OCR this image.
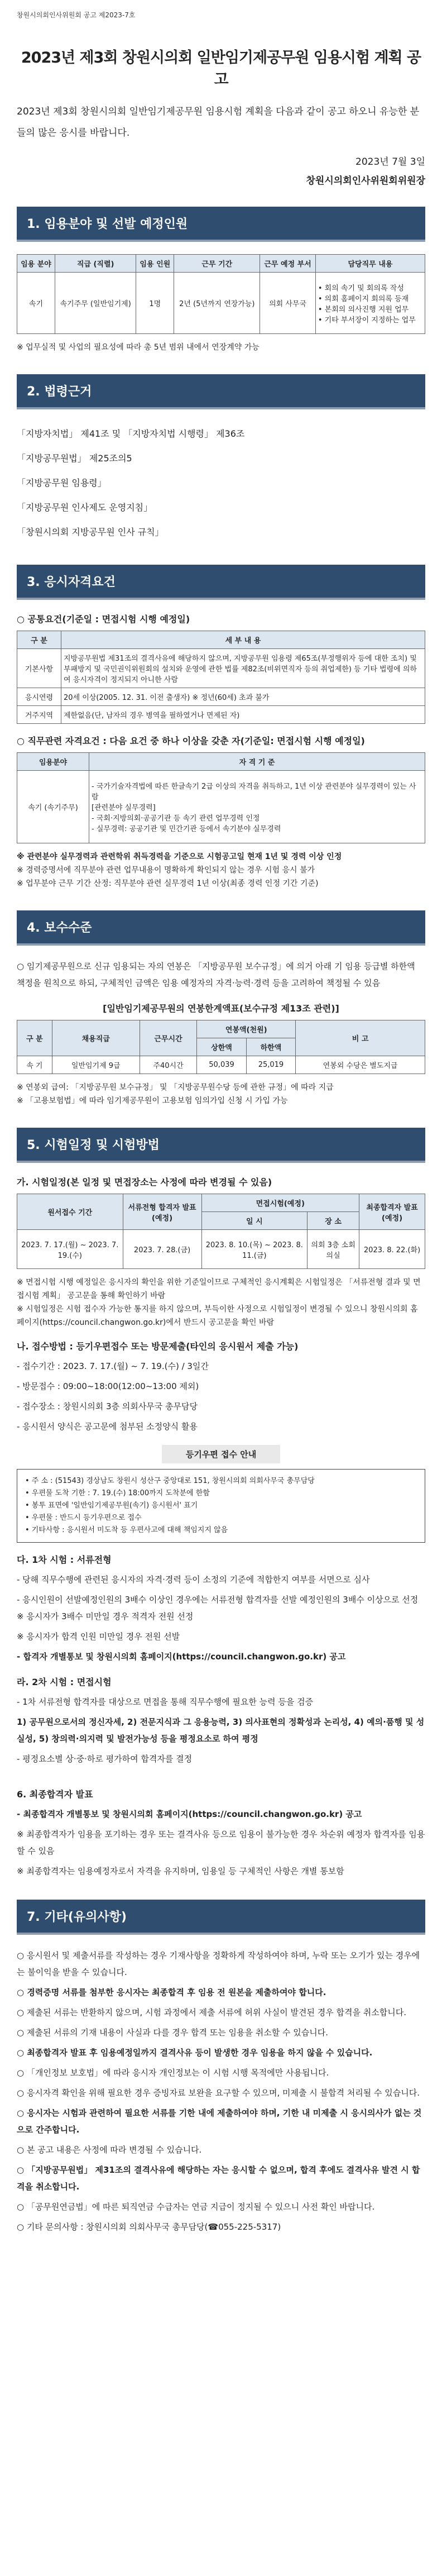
창원시의회인사위원회 공고 제2023-7호
2023년 제3회 창원시의회 일반임기제공무원 임용시험 계획 공고
2023년 제3회 창원시의회 일반임기제공무원 임용시험 계획을 다음과 같이 공고 하오니 유능한 분들의 많은 응시를 바랍니다.
2023년 7월 3일
창원시의회인사위원회위원장
1. 임용분야 및 선발 예정인원
임용 분야	직급 (직렬)	임용 인원	근무 기간	근무 예정 부서	담당직무 내용
속기	속기주무 (일반임기제)	1명	2년 (5년까지 연장가능)	의회 사무국	• 회의 속기 및 회의록 작성
• 의회 홈페이지 회의록 등재
• 본회의 의사진행 지원 업무
• 기타 부서장이 지정하는 업무
※ 업무실적 및 사업의 필요성에 따라 총 5년 범위 내에서 연장계약 가능
2. 법령근거

「지방자치법」 제41조 및 「지방자치법 시행령」 제36조

「지방공무원법」 제25조의5

「지방공무원 임용령」

「지방공무원 인사제도 운영지침」

「창원시의회 지방공무원 인사 규칙」

3. 응시자격요건
○ 공통요건(기준일 : 면접시험 시행 예정일)
구 분	세 부 내 용
기본사항	지방공무원법 제31조의 결격사유에 해당하지 않으며, 지방공무원 임용령 제65조(부정행위자 등에 대한 조치) 및 부패방지 및 국민권익위원회의 설치와 운영에 관한 법률 제82조(비위면직자 등의 취업제한) 등 기타 법령에 의하여 응시자격이 정지되지 아니한 사람
응시연령	20세 이상(2005. 12. 31. 이전 출생자) ※ 정년(60세) 초과 불가
거주지역	제한없음(단, 남자의 경우 병역을 필하였거나 면제된 자)
○ 직무관련 자격요건 : 다음 요건 중 하나 이상을 갖춘 자(기준일: 면접시험 시행 예정일)
임용분야	자 격 기 준
속기 (속기주무)	- 국가기술자격법에 따른 한글속기 2급 이상의 자격을 취득하고, 1년 이상 관련분야 실무경력이 있는 사람
[관련분야 실무경력]
- 국회·지방의회·공공기관 등 속기 관련 업무경력 인정
- 실무경력: 공공기관 및 민간기관 등에서 속기분야 실무경력
※ 관련분야 실무경력과 관련학위 취득경력을 기준으로 시험공고일 현재 1년 및 경력 이상 인정
※ 경력증명서에 직무분야 관련 업무내용이 명확하게 확인되지 않는 경우 시험 응시 불가
※ 업무분야 근무 기간 산정: 직무분야 관련 실무경력 1년 이상(최종 경력 인정 기간 기준)
4. 보수수준
○ 임기제공무원으로 신규 임용되는 자의 연봉은 「지방공무원 보수규정」에 의거 아래 기 임용 등급별 하한액 책정을 원칙으로 하되, 구체적인 금액은 임용 예정자의 자격·능력·경력 등을 고려하여 책정될 수 있음
[일반임기제공무원의 연봉한계액표(보수규정 제13조 관련)]
구 분	채용직급	근무시간	연봉액(천원)		비 고
			상한액	하한액	
속 기	일반임기제 9급	주40시간	50,039	25,019	연봉외 수당은 별도지급
※ 연봉외 급여: 「지방공무원 보수규정」 및 「지방공무원수당 등에 관한 규정」에 따라 지급
※ 「고용보험법」에 따라 임기제공무원이 고용보험 임의가입 신청 시 가입 가능
5. 시험일정 및 시험방법
가. 시험일정(본 일정 및 면접장소는 사정에 따라 변경될 수 있음)
원서접수 기간	서류전형 합격자 발표(예정)	면접시험(예정)		최종합격자 발표(예정)
		일 시	장 소	
2023. 7. 17.(월) ~ 2023. 7. 19.(수)	2023. 7. 28.(금)	2023. 8. 10.(목) ~ 2023. 8. 11.(금)	의회 3층 소회의실	2023. 8. 22.(화)
※ 면접시험 시행 예정일은 응시자의 확인을 위한 기준일이므로 구체적인 응시계획은 시험일정은 「서류전형 결과 및 면접시험 계획」 공고문을 통해 확인하기 바람
※ 시험일정은 시험 접수자 가능한 통지를 하지 않으며, 부득이한 사정으로 시험일정이 변경될 수 있으니 창원시의회 홈페이지(https://council.changwon.go.kr)에서 반드시 공고문을 확인 바람
나. 접수방법 : 등기우편접수 또는 방문제출(타인의 응시원서 제출 가능)
- 접수기간 : 2023. 7. 17.(월) ~ 7. 19.(수) / 3일간
- 방문접수 : 09:00~18:00(12:00~13:00 제외)
- 접수장소 : 창원시의회 3층 의회사무국 총무담당
- 응시원서 양식은 공고문에 첨부된 소정양식 활용
등기우편 접수 안내
• 주 소 : (51543) 경상남도 창원시 성산구 중앙대로 151, 창원시의회 의회사무국 총무담당
• 우편물 도착 기한 : 7. 19.(수) 18:00까지 도착분에 한함
• 봉투 표면에 '일반임기제공무원(속기) 응시원서' 표기
• 우편물 : 반드시 등기우편으로 접수
• 기타사항 : 응시원서 미도착 등 우편사고에 대해 책임지지 않음
다. 1차 시험 : 서류전형
- 당해 직무수행에 관련된 응시자의 자격·경력 등이 소정의 기준에 적합한지 여부를 서면으로 심사
- 응시인원이 선발예정인원의 3배수 이상인 경우에는 서류전형 합격자를 선발 예정인원의 3배수 이상으로 선정 ※ 응시자가 3배수 미만일 경우 적격자 전원 선정
※ 응시자가 합격 인원 미만일 경우 전원 선발
- 합격자 개별통보 및 창원시의회 홈페이지(https://council.changwon.go.kr) 공고
라. 2차 시험 : 면접시험
- 1차 서류전형 합격자를 대상으로 면접을 통해 직무수행에 필요한 능력 등을 검증
1) 공무원으로서의 정신자세, 2) 전문지식과 그 응용능력, 3) 의사표현의 정확성과 논리성, 4) 예의·품행 및 성실성, 5) 창의력·의지력 및 발전가능성 등을 평정요소로 하여 평정
- 평정요소별 상·중·하로 평가하여 합격자를 결정
6. 최종합격자 발표
- 최종합격자 개별통보 및 창원시의회 홈페이지(https://council.changwon.go.kr) 공고
※ 최종합격자가 임용을 포기하는 경우 또는 결격사유 등으로 임용이 불가능한 경우 차순위 예정자 합격자를 임용할 수 있음
※ 최종합격자는 임용예정자로서 자격을 유지하며, 임용일 등 구체적인 사항은 개별 통보함
7. 기타(유의사항)
○ 응시원서 및 제출서류를 작성하는 경우 기재사항을 정확하게 작성하여야 하며, 누락 또는 오기가 있는 경우에는 불이익을 받을 수 있습니다.
○ 경력증명 서류를 첨부한 응시자는 최종합격 후 임용 전 원본을 제출하여야 합니다.
○ 제출된 서류는 반환하지 않으며, 시험 과정에서 제출 서류에 허위 사실이 발견된 경우 합격을 취소합니다.
○ 제출된 서류의 기재 내용이 사실과 다를 경우 합격 또는 임용을 취소할 수 있습니다.
○ 최종합격자 발표 후 임용예정일까지 결격사유 등이 발생한 경우 임용을 하지 않을 수 있습니다.
○ 「개인정보 보호법」에 따라 응시자 개인정보는 이 시험 시행 목적에만 사용됩니다.
○ 응시자격 확인을 위해 필요한 경우 증빙자료 보완을 요구할 수 있으며, 미제출 시 불합격 처리될 수 있습니다.
○ 응시자는 시험과 관련하여 필요한 서류를 기한 내에 제출하여야 하며, 기한 내 미제출 시 응시의사가 없는 것으로 간주합니다.
○ 본 공고 내용은 사정에 따라 변경될 수 있습니다.
○ 「지방공무원법」 제31조의 결격사유에 해당하는 자는 응시할 수 없으며, 합격 후에도 결격사유 발견 시 합격을 취소합니다.
○ 「공무원연금법」에 따른 퇴직연금 수급자는 연금 지급이 정지될 수 있으니 사전 확인 바랍니다.
○ 기타 문의사항 : 창원시의회 의회사무국 총무담당(☎055-225-5317)
